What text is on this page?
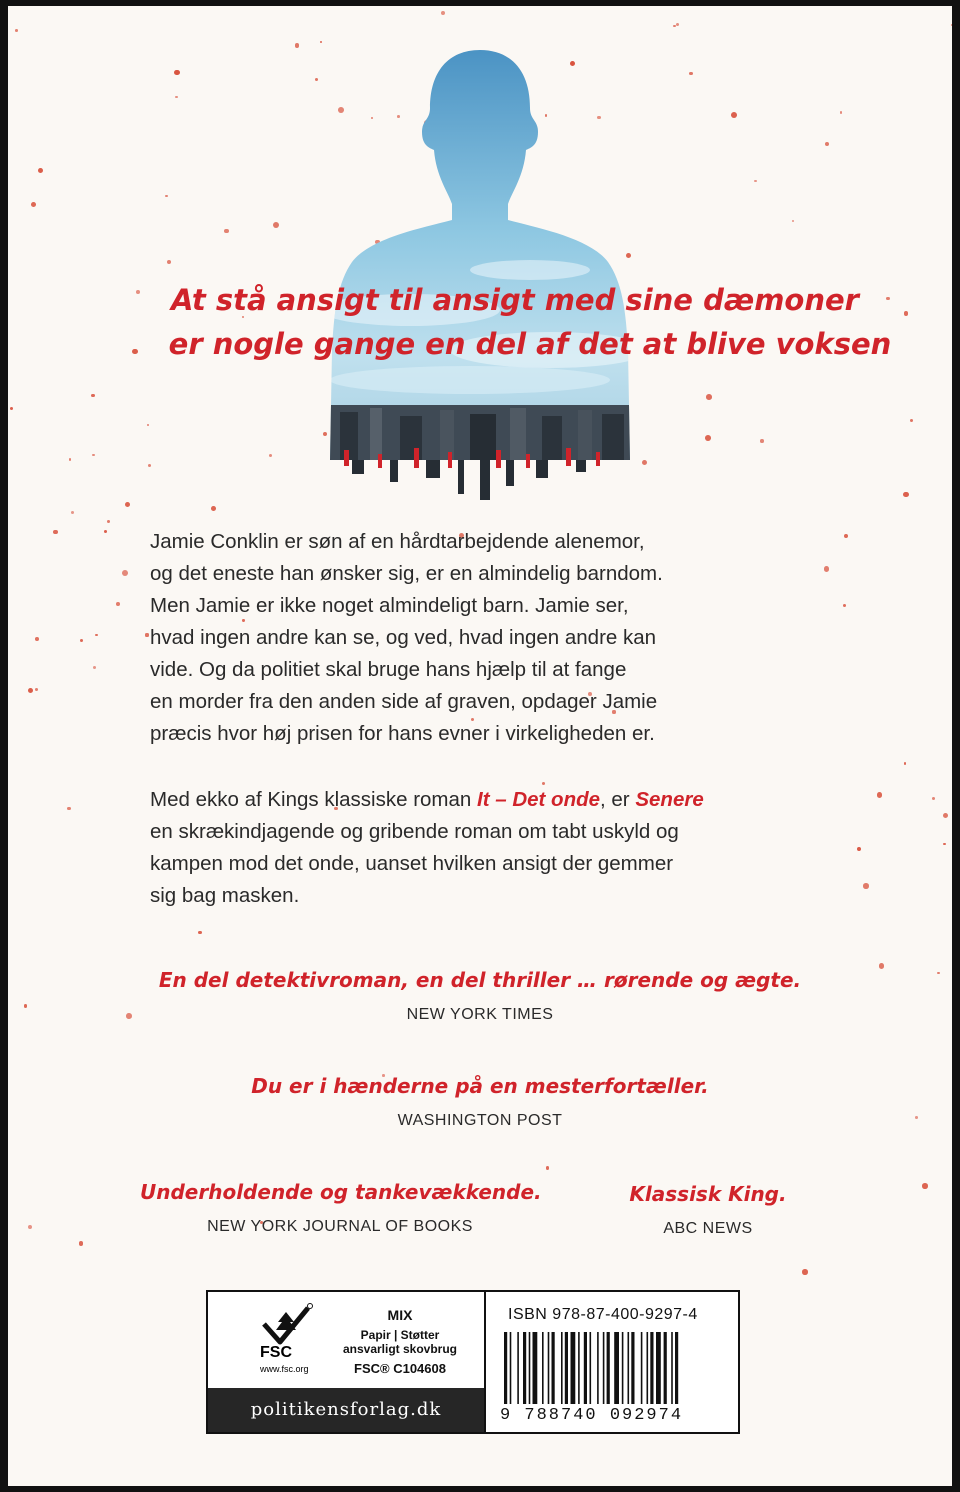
At stå ansigt til ansigt med sine dæmoner
er nogle gange en del af det at blive voksen

Jamie Conklin er søn af en hårdtarbejdende alenemor,
og det eneste han ønsker sig, er en almindelig barndom.
Men Jamie er ikke noget almindeligt barn. Jamie ser,
hvad ingen andre kan se, og ved, hvad ingen andre kan
vide. Og da politiet skal bruge hans hjælp til at fange
en morder fra den anden side af graven, opdager Jamie
præcis hvor høj prisen for hans evner i virkeligheden er.

Med ekko af Kings klassiske roman It – Det onde, er Senere
en skrækindjagende og gribende roman om tabt uskyld og
kampen mod det onde, uanset hvilken ansigt der gemmer
sig bag masken.

En del detektivroman, en del thriller … rørende og ægte.
NEW YORK TIMES
Du er i hænderne på en mesterfortæller.
WASHINGTON POST
Underholdende og tankevækkende.
NEW YORK JOURNAL OF BOOKS
Klassisk King.
ABC NEWS
FSC
www.fsc.org
MIX
Papir | Støtter
ansvarligt skovbrug
FSC® C104608
politikensforlag.dk
ISBN 978-87-400-9297-4
9 788740 092974
